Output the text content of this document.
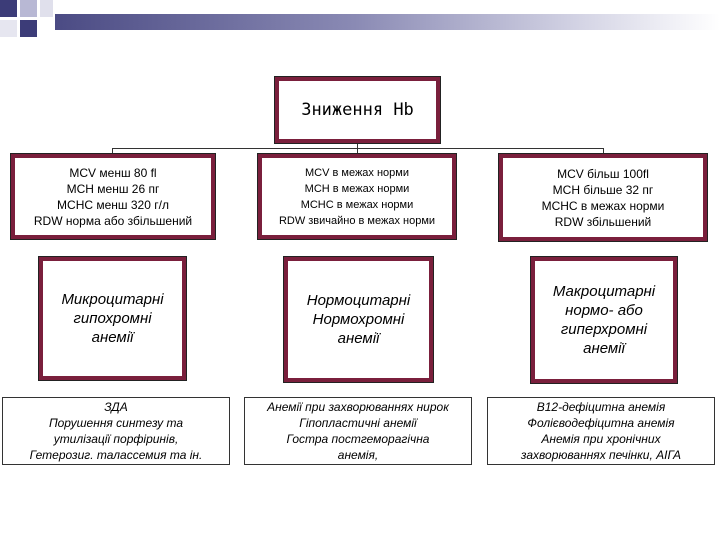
Зниження Hb
MCV менш 80 fl
MCH менш 26 пг
MCHC менш 320 г/л
RDW норма або збільшений
MCV в межах норми
MCH в межах норми
MCHC в межах норми
RDW звичайно в межах норми
MCV більш 100fl
MCH більше 32 пг
MCHC в межах норми
RDW збільшений
Микроцитарні
гипохромні
анемії
Нормоцитарні
Нормохромні
анемії
Макроцитарні
нормо- або
гиперхромні
анемії
ЗДА
Порушення синтезу та
утилізації порфіринів,
Гетерозиг. талассемия та ін.
Анемії при захворюваннях нирок
Гіпопластичні анемії
Гостра постгеморагічна
анемія,
B12-дефіцитна анемія
Фолієводефіцитна анемія
Анемія при хронічних
захворюваннях печінки, АІГА
